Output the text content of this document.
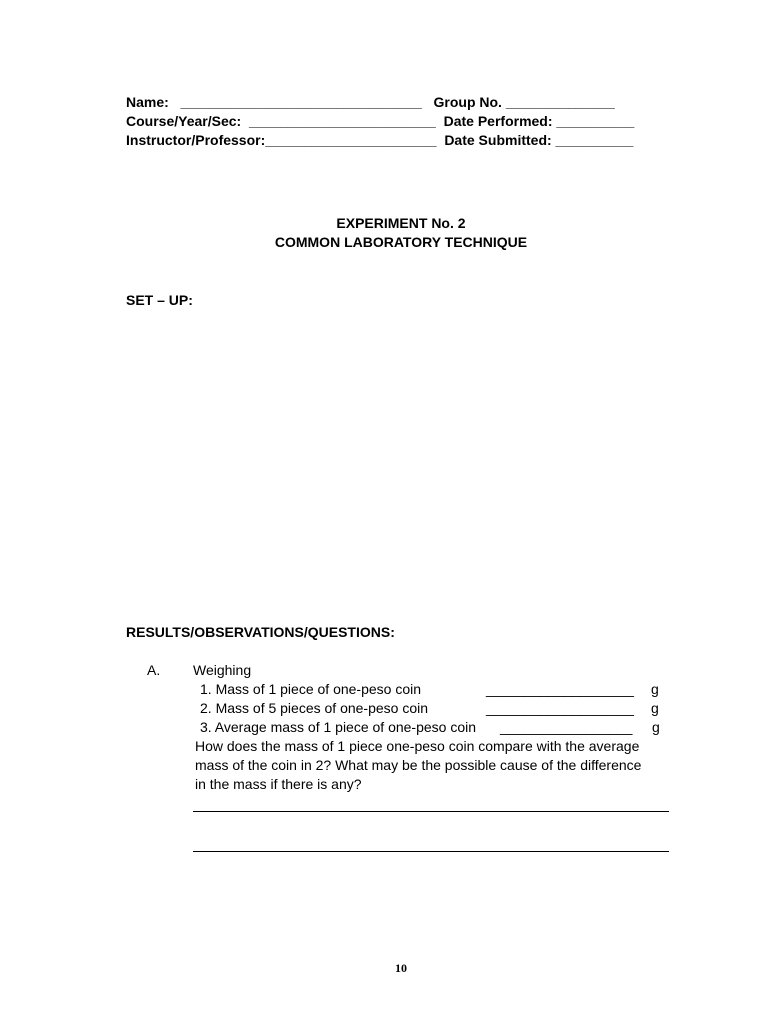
Name:   _______________________________   Group No. ______________
Course/Year/Sec:  ________________________  Date Performed: __________
Instructor/Professor:______________________  Date Submitted: __________
EXPERIMENT No. 2
COMMON LABORATORY TECHNIQUE
SET – UP:
RESULTS/OBSERVATIONS/QUESTIONS:
A. Weighing
1. Mass of 1 piece of one-peso coin	___________________ g
2. Mass of 5 pieces of one-peso coin	___________________ g
3. Average mass of 1 piece of one-peso coin _________________ g
How does the mass of 1 piece one-peso coin compare with the average
mass of the coin in 2? What may be the possible cause of the difference
in the mass if there is any?
10
